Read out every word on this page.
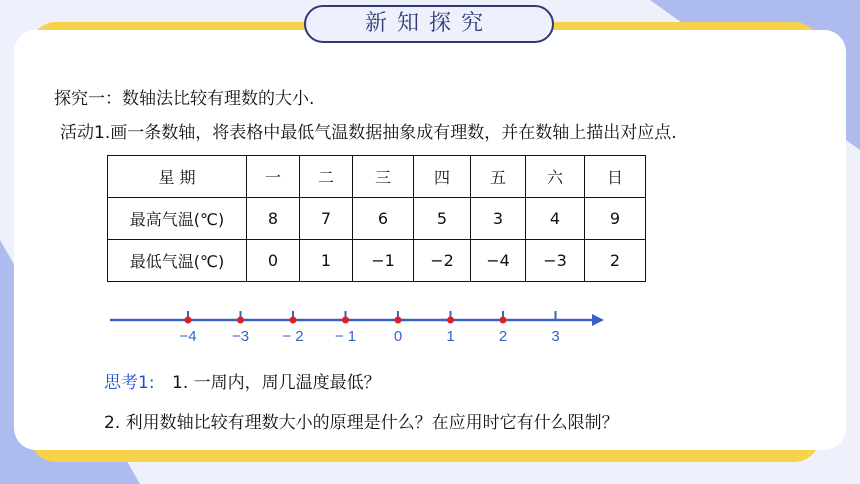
新知探究
探究一：数轴法比较有理数的大小.
活动1.画一条数轴，将表格中最低气温数据抽象成有理数，并在数轴上描出对应点.
星 期	一	二	三	四	五	六	日
最高气温(℃)	8	7	6	5	3	4	9
最低气温(℃)	0	1	−1	−2	−4	−3	2
−4 −3 − 2 − 1	0	1	2	3
思考1: 1. 一周内，周几温度最低？
2. 利用数轴比较有理数大小的原理是什么？在应用时它有什么限制？
